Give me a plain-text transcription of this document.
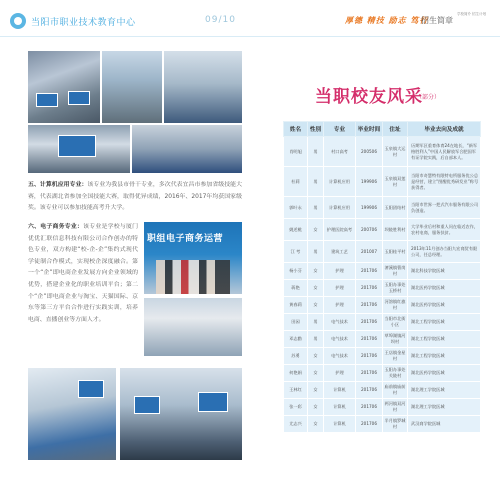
当阳市职业技术教育中心	09/10	厚德 精技 励志 笃行
招生简章
学校简介 招生计划
五、计算机应用专业：该专业为我县市骨干专业，多次代表宜昌市参加省级技能大赛，代表湖北省参加全国技能大赛，取得优异成绩，2016年、2017年均获国家级奖。该专业可以参加技能高考升大学。
六、电子商务专业：该专业是学校与厦门优优汇联信息科技有限公司合作创办的特色专业，双方构建“校-企-企”集约式现代学徒制合作模式，实现校企深度融合。第一个“企”即电商企业发展方向企业领域的优势，搭建企业化的职业培训平台；第二个“企”即电商企业与淘宝、天猫国际、京东等第三方平台合作进行实践实训，培养电商、直播创业等方面人才。
职组电子商务运营
当职校友风采
（部分）
姓名	性别	专业	毕业时间	住址	毕业去向及成就
肖明旭	男	村口高考	200506	玉泉镇大运村	历期军区重育体育24在地长，“新军格胜利人”中国人民解放军合肥国军有证学院实践，后自部本人。
杜莉	男	计算机应用	199906	玉泉镇双莲村	当阳市奇慧特有限特电所服务优公总是经营，建立“图醒优秀研发业”称号获得者。
郭叶永	男	计算机应用	199906	玉阳团结村	当阳市世界一把式汽车服务有限公司负创造。
姚述桃	女	护理医院高考	200706	坝陵胜利村	大学毕业后村和重人问在临近农作，农村电商，服务扶贫。
江 考	男	建筑工艺	201007	玉阳桂平村	2013年11月创办当阳九宏商贸有限公司，任总经理。
杨小芬	女	护理	201706	淯溪镇曹岗村	湖北科技学院医城
蒋艳	女	护理	201706	玉阳办事处玉桥村	湖北医药学院医城
黄春莉	女	护理	201706	河溶镇红旗村	湖北医药学院医城
田园	男	电气技术	201706	当阳市北街小区	湖北工程学院医城
邓志勤	男	电气技术	201706	草埠湖镇河坝村	湖北工程学院医城
苏勇	女	电气技术	201706	王店镇金星村	湖北工程学院医城
何艳娟	女	护理	201706	玉阳办事处关陵村	湖北医药学院医城
王林红	女	计算机	201706	庙前镇庙前村	湖北理工学院医城
张一彩	女	计算机	201706	两河镇双河村	湖北理工学院医城
尤志兴	女	计算机	201706	半月镇罗城村	武汉商学院医城
